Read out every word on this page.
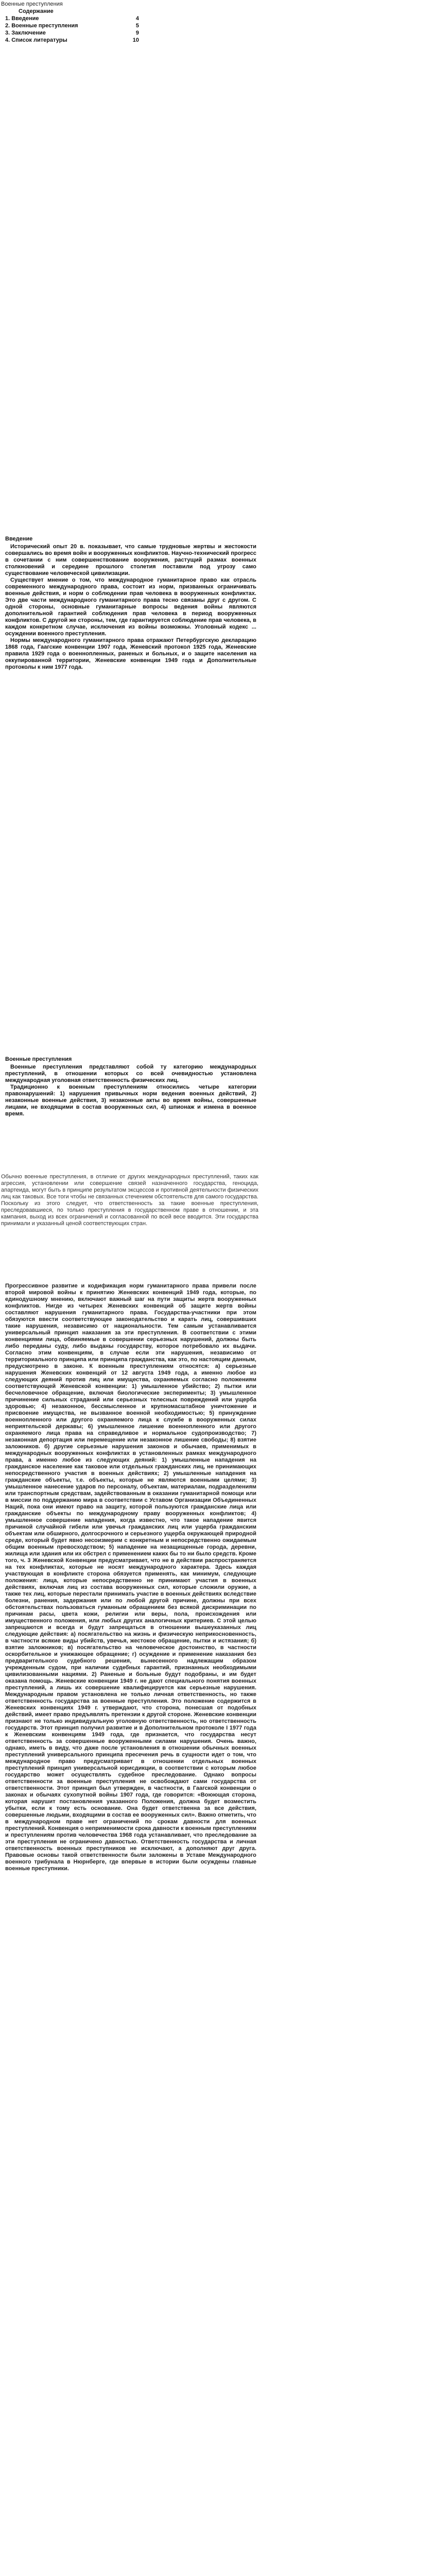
Военные преступления
Содержание
1. Введение	4
2. Военные преступления	5
3. Заключение	9
4. Список литературы	10

Введение

Исторический опыт 20 в. показывает, что самые трудновые жертвы и жестокости совершались во время войн и вооруженных конфликтов. Научно-технический прогресс в сочетании с ним совершенствование вооружения, растущий размах военных столкновений и середине прошлого столетия поставили под угрозу само существование человеческой цивилизации.

Существует мнение о том, что международное гуманитарное право как отрасль современного международного права, состоит из норм, призванных ограничивать военные действия, и норм о соблюдении прав человека в вооруженных конфликтах. Это две части международного гуманитарного права тесно связаны друг с другом. С одной стороны, основные гуманитарные вопросы ведения войны являются дополнительной гарантией соблюдения прав человека в период вооруженных конфликтов. С другой же стороны, тем, где гарантируется соблюдение прав человека, в каждом конкретном случае, исключения из войны возможны. Уголовный кодекс ... осуждении военного преступления.

Нормы международного гуманитарного права отражают Петербургскую декларацию 1868 года, Гаагские конвенции 1907 года, Женевский протокол 1925 года, Женевские правила 1929 года о военнопленных, раненых и больных, и о защите населения на оккупированной территории, Женевские конвенции 1949 года и Дополнительные протоколы к ним 1977 года.

Военные преступления

Военные преступления представляют собой ту категорию международных преступлений, в отношении которых со всей очевидностью установлена международная уголовная ответственность физических лиц.

Традиционно к военным преступлениям относились четыре категории правонарушений: 1) нарушения привычных норм ведения военных действий, 2) незаконные военные действия, 3) незаконные акты во время войны, совершенные лицами, не входящими в состав вооруженных сил, 4) шпионаж и измена в военное время.

Обычно военные преступления, в отличие от других международных преступлений, таких как агрессия, установлении или совершение связей назначенного государства, геноцида, апартеида, могут быть в принципе результатом эксцессов и противной деятельности физических лиц как таковых. Все тоги чтобы не связанных стечением обстоятельств для самого государства. Поскольку из этого следует, что ответственность за такие военные преступления, преследовавшиеся, по только преступления в государственном праве в отношении, и эта кампания, выход из всех ограничений и согласованной по всей весе вводится. Эти государства принимали и указанный ценой соответствующих стран.

Прогрессивное развитие и кодификация норм гуманитарного права привели после второй мировой войны к принятию Женевских конвенций 1949 года, которые, по единодушному мнению, включают важный шаг на пути защиты жертв вооруженных конфликтов. Нигде из четырех Женевских конвенций об защите жертв войны составляют нарушения гуманитарного права. Государства-участники при этом обязуются ввести соответствующее законодательство и карать лиц, совершивших такие нарушения, независимо от национальности. Тем самым устанавливается универсальный принцип наказания за эти преступления. В соответствии с этими конвенциями лица, обвиняемые в совершении серьезных нарушений, должны быть либо переданы суду, либо выданы государству, которое потребовало их выдачи. Согласно этим конвенциям, в случае если эти нарушения, независимо от территориального принципа или принципа гражданства, как это, по настоящим данным, предусмотрено в законе. К военным преступлениям относятся: а) серьезные нарушения Женевских конвенций от 12 августа 1949 года, а именно любое из следующих деяний против лиц или имущества, охраняемых согласно положениям соответствующей Женевской конвенции: 1) умышленное убийство; 2) пытки или бесчеловечное обращение, включая биологические эксперименты; 3) умышленное причинение сильных страданий или серьезных телесных повреждений или ущерба здоровью; 4) незаконное, бессмысленное и крупномасштабное уничтожение и присвоение имущества, не вызванное военной необходимостью; 5) принуждение военнопленного или другого охраняемого лица к службе в вооруженных силах неприятельской державы; 6) умышленное лишение военнопленного или другого охраняемого лица права на справедливое и нормальное судопроизводство; 7) незаконная депортация или перемещение или незаконное лишение свободы; 8) взятие заложников. б) другие серьезные нарушения законов и обычаев, применимых в международных вооруженных конфликтах в установленных рамках международного права, а именно любое из следующих деяний: 1) умышленные нападения на гражданское население как таковое или отдельных гражданских лиц, не принимающих непосредственного участия в военных действиях; 2) умышленные нападения на гражданские объекты, т.е. объекты, которые не являются военными целями; 3) умышленное нанесение ударов по персоналу, объектам, материалам, подразделениям или транспортным средствам, задействованным в оказании гуманитарной помощи или в миссии по поддержанию мира в соответствии с Уставом Организации Объединенных Наций, пока они имеют право на защиту, которой пользуются гражданские лица или гражданские объекты по международному праву вооруженных конфликтов; 4) умышленное совершение нападения, когда известно, что такое нападение явится причиной случайной гибели или увечья гражданских лиц или ущерба гражданским объектам или обширного, долгосрочного и серьезного ущерба окружающей природной среде, который будет явно несоизмерим с конкретным и непосредственно ожидаемым общим военным превосходством; 5) нападение на незащищенные города, деревни, жилища или здания или их обстрел с применением каких бы то ни было средств. Кроме того, ч. 3 Женевской Конвенции предусматривает, что не в действии распространяется на тех конфликтах, которые не носят международного характера. Здесь каждая участвующая в конфликте сторона обязуется применять, как минимум, следующие положения: лица, которые непосредственно не принимают участия в военных действиях, включая лиц из состава вооруженных сил, которые сложили оружие, а также тех лиц, которые перестали принимать участие в военных действиях вследствие болезни, ранения, задержания или по любой другой причине, должны при всех обстоятельствах пользоваться гуманным обращением без всякой дискриминации по причинам расы, цвета кожи, религии или веры, пола, происхождения или имущественного положения, или любых других аналогичных критериев. С этой целью запрещаются и всегда и будут запрещаться в отношении вышеуказанных лиц следующие действия: а) посягательство на жизнь и физическую неприкосновенность, в частности всякие виды убийств, увечья, жестокое обращение, пытки и истязания; б) взятие заложников; в) посягательство на человеческое достоинство, в частности оскорбительное и унижающее обращение; г) осуждение и применение наказания без предварительного судебного решения, вынесенного надлежащим образом учрежденным судом, при наличии судебных гарантий, признанных необходимыми цивилизованными нациями. 2) Раненые и больные будут подобраны, и им будет оказана помощь. Женевские конвенции 1949 г. не дают специального понятия военных преступлений, а лишь их совершение квалифицируется как серьезные нарушения. Международным правом установлена не только личная ответственность, но также ответственность государства за военные преступления. Это положение содержится в Женевских конвенциях 1949 г. утверждают, что сторона, понесшая от подобных действий, имеет право предъявлять претензии к другой стороне. Женевские конвенции признают не только индивидуальную уголовную ответственность, но ответственность государств. Этот принцип получил развитие и в Дополнительном протоколе I 1977 года к Женевским конвенциям 1949 года, где признается, что государства несут ответственность за совершенные вооруженными силами нарушения. Очень важно, однако, иметь в виду, что даже после установления в отношении обычных военных преступлений универсального принципа пресечения речь в сущности идет о том, что международное право предусматривает в отношении отдельных военных преступлений принцип универсальной юрисдикции, в соответствии с которым любое государство может осуществлять судебное преследование. Однако вопросы ответственности за военные преступления не освобождают сами государства от ответственности. Этот принцип был утвержден, в частности, в Гаагской конвенции о законах и обычаях сухопутной войны 1907 года, где говорится: «Воюющая сторона, которая нарушит постановления указанного Положения, должна будет возместить убытки, если к тому есть основание. Она будет ответственна за все действия, совершенные людьми, входящими в состав ее вооруженных сил». Важно отметить, что в международном праве нет ограничений по срокам давности для военных преступлений. Конвенция о неприменимости срока давности к военным преступлениям и преступлениям против человечества 1968 года устанавливает, что преследование за эти преступления не ограничено давностью. Ответственность государства и личная ответственность военных преступников не исключают, а дополняют друг друга. Правовые основы такой ответственности были заложены в Уставе Международного военного трибунала в Нюрнберге, где впервые в истории были осуждены главные военные преступники.
